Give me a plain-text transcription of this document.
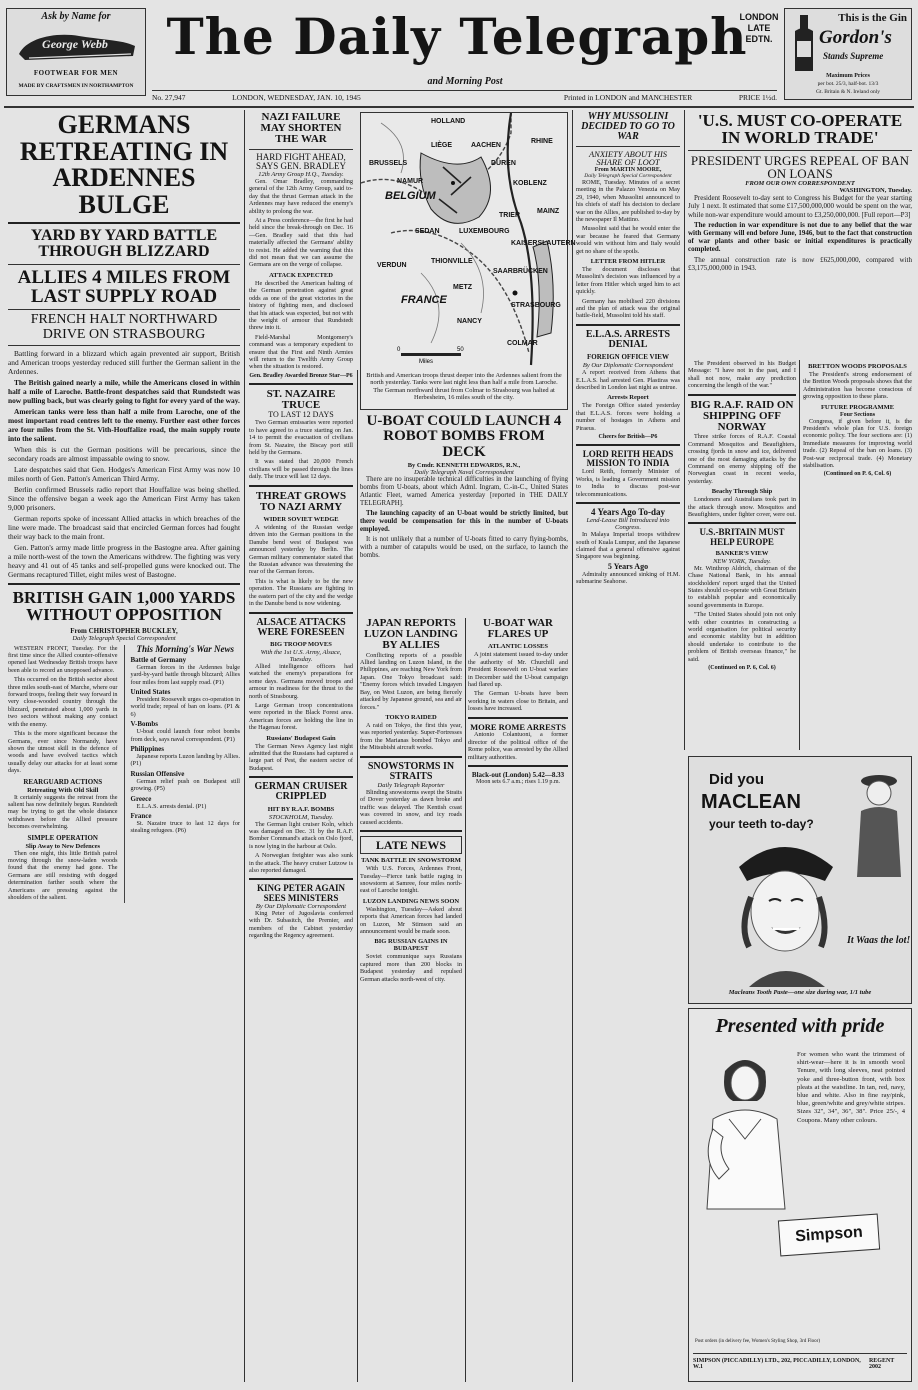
Ask by Name for
George Webb
FOOTWEAR FOR MEN
MADE BY CRAFTSMEN IN NORTHAMPTON
The Daily Telegraph
and Morning Post
LONDON
LATE
EDTN.
No. 27,947	LONDON, WEDNESDAY, JAN. 10, 1945	Printed in LONDON and MANCHESTER	PRICE 1½d.
This is the Gin
Gordon's
Stands Supreme
Maximum Prices
per bot. 25/3, half-bot. 13/3
Gt. Britain & N. Ireland only
GERMANS RETREATING IN ARDENNES BULGE
YARD BY YARD BATTLE THROUGH BLIZZARD
ALLIES 4 MILES FROM LAST SUPPLY ROAD
FRENCH HALT NORTHWARD DRIVE ON STRASBOURG

Battling forward in a blizzard which again prevented air support, British and American troops yesterday reduced still further the German salient in the Ardennes.

The British gained nearly a mile, while the Americans closed in within half a mile of Laroche. Battle-front despatches said that Rundstedt was now pulling back, but was clearly going to fight for every yard of the way.

American tanks were less than half a mile from Laroche, one of the most important road centres left to the enemy. Further east other forces are four miles from the St. Vith-Houffalize road, the main supply route into the salient.

When this is cut the German positions will be precarious, since the secondary roads are almost impassable owing to snow.

Late despatches said that Gen. Hodges's American First Army was now 10 miles north of Gen. Patton's American Third Army.

Berlin confirmed Brussels radio report that Houffalize was being shelled. Since the offensive began a week ago the American First Army has taken 9,000 prisoners.

German reports spoke of incessant Allied attacks in which breaches of the line were made. The broadcast said that encircled German forces had fought their way back to the main front.

Gen. Patton's army made little progress in the Bastogne area. After gaining a mile north-west of the town the Americans withdrew. The fighting was very heavy and 41 out of 45 tanks and self-propelled guns were knocked out. The Germans recaptured Tillet, eight miles west of Bastogne.

BRITISH GAIN 1,000 YARDS WITHOUT OPPOSITION
From CHRISTOPHER BUCKLEY,
Daily Telegraph Special Correspondent

WESTERN FRONT, Tuesday. For the first time since the Allied counter-offensive opened last Wednesday British troops have been able to record an unopposed advance.

This occurred on the British sector about three miles south-east of Marche, where our forward troops, feeling their way forward in very close-wooded country through the blizzard, penetrated about 1,000 yards in two sectors without making any contact with the enemy.

This is the more significant because the Germans, ever since Normandy, have shown the utmost skill in the defence of woods and have evolved tactics which usually delay our attacks for at least some days.

REARGUARD ACTIONS
Retreating With Old Skill

It certainly suggests the retreat from the salient has now definitely begun. Rundstedt may be trying to get the whole distance withdrawn before the Allied pressure becomes overwhelming.

SIMPLE OPERATION
Slip Away to New Defences

Then one night, this little British patrol moving through the snow-laden woods found that the enemy had gone. The Germans are still resisting with dogged determination farther south where the Americans are pressing against the shoulders of the salient.

This Morning's War News
Battle of Germany

German forces in the Ardennes bulge yard-by-yard battle through blizzard; Allies four miles from last supply road. (P1)

United States

President Roosevelt urges co-operation in world trade; repeal of ban on loans. (P1 & 6)

V-Bombs

U-boat could launch four robot bombs from deck, says naval correspondent. (P1)

Philippines

Japanese reports Luzon landing by Allies. (P1)

Russian Offensive

German relief push on Budapest still growing. (P5)

Greece

E.L.A.S. arrests denial. (P1)

France

St. Nazaire truce to last 12 days for stealing refugees. (P6)

NAZI FAILURE MAY SHORTEN THE WAR
HARD FIGHT AHEAD, SAYS GEN. BRADLEY
12th Army Group H.Q., Tuesday.

Gen. Omar Bradley, commanding general of the 12th Army Group, said to-day that the thrust German attack in the Ardennes may have reduced the enemy's ability to prolong the war.

At a Press conference—the first he had held since the break-through on Dec. 16—Gen. Bradley said that this had materially affected the Germans' ability to resist. He added the warning that this did not mean that we can assume the Germans are on the verge of collapse.

ATTACK EXPECTED

He described the American halting of the German penetration against great odds as one of the great victories in the history of fighting men, and disclosed that his attack was expected, but not with the weight of armour that Rundstedt threw into it.

Field-Marshal Montgomery's command was a temporary expedient to ensure that the First and Ninth Armies will return to the Twelfth Army Group when the situation is restored.

Gen. Bradley Awarded Bronze Star—P6
ST. NAZAIRE TRUCE
TO LAST 12 DAYS

Two German emissaries were reported to have agreed to a truce starting on Jan. 14 to permit the evacuation of civilians from St. Nazaire, the Biscay port still held by the Germans.

It was stated that 20,000 French civilians will be passed through the lines daily. The truce will last 12 days.

THREAT GROWS TO NAZI ARMY
WIDER SOVIET WEDGE

A widening of the Russian wedge driven into the German positions in the Danube bend west of Budapest was announced yesterday by Berlin. The German military commentator stated that the Russian advance was threatening the rear of the German forces.

This is what is likely to be the new operation. The Russians are fighting in the eastern part of the city and the wedge in the Danube bend is now widening.

ALSACE ATTACKS WERE FORESEEN
BIG TROOP MOVES
With the 1st U.S. Army, Alsace, Tuesday.

Allied intelligence officers had watched the enemy's preparations for some days. Germans moved troops and armour in readiness for the thrust to the north of Strasbourg.

Large German troop concentrations were reported in the Black Forest area. American forces are holding the line in the Hagenau forest.

Russians' Budapest Gain

The German News Agency last night admitted that the Russians had captured a large part of Pest, the eastern sector of Budapest.

GERMAN CRUISER CRIPPLED
HIT BY R.A.F. BOMBS
STOCKHOLM, Tuesday.

The German light cruiser Koln, which was damaged on Dec. 31 by the R.A.F. Bomber Command's attack on Oslo fjord, is now lying in the harbour at Oslo.

A Norwegian freighter was also sunk in the attack. The heavy cruiser Lutzow is also reported damaged.

KING PETER AGAIN SEES MINISTERS
By Our Diplomatic Correspondent

King Peter of Jugoslavia conferred with Dr. Subasitch, the Premier, and members of the Cabinet yesterday regarding the Regency agreement.

0
Miles
50
HOLLAND
AACHEN
DÜREN
BRUSSELS
LIÈGE
BELGIUM
KOBLENZ
LUXEMBOURG
TRIER
MAINZ
KAISERSLAUTERN
SAARBRÜCKEN
VERDUN
METZ
NANCY
STRASBOURG
FRANCE
COLMAR
THIONVILLE
NAMUR
SEDAN
RHINE
British and American troops thrust deeper into the Ardennes salient from the north yesterday. Tanks were last night less than half a mile from Laroche. The German northward thrust from Colmar to Strasbourg was halted at Herbesheim, 16 miles south of the city.
U-BOAT COULD LAUNCH 4 ROBOT BOMBS FROM DECK
By Cmdr. KENNETH EDWARDS, R.N.,
Daily Telegraph Naval Correspondent

There are no insuperable technical difficulties in the launching of flying bombs from U-boats, about which Adml. Ingram, C.-in-C., United States Atlantic Fleet, warned America yesterday [reported in THE DAILY TELEGRAPH].

The launching capacity of an U-boat would be strictly limited, but there would be compensation for this in the number of U-boats employed.

It is not unlikely that a number of U-boats fitted to carry flying-bombs, with a number of catapults would be used, on the surface, to launch the bombs.

JAPAN REPORTS LUZON LANDING BY ALLIES

Conflicting reports of a possible Allied landing on Luzon Island, in the Philippines, are reaching New York from Japan. One Tokyo broadcast said: "Enemy forces which invaded Lingayen Bay, on West Luzon, are being fiercely attacked by Japanese ground, sea and air forces."

TOKYO RAIDED

A raid on Tokyo, the first this year, was reported yesterday. Super-Fortresses from the Marianas bombed Tokyo and the Mitsubishi aircraft works.

SNOWSTORMS IN STRAITS
Daily Telegraph Reporter

Blinding snowstorms swept the Straits of Dover yesterday as dawn broke and traffic was delayed. The Kentish coast was covered in snow, and icy roads caused accidents.

LATE NEWS
TANK BATTLE IN SNOWSTORM

With U.S. Forces, Ardennes Front, Tuesday—Fierce tank battle raging in snowstorm at Samree, four miles north-east of Laroche tonight.

LUZON LANDING NEWS SOON

Washington, Tuesday—Asked about reports that American forces had landed on Luzon, Mr Stimson said an announcement would be made soon.

BIG RUSSIAN GAINS IN BUDAPEST

Soviet communique says Russians captured more than 200 blocks in Budapest yesterday and repulsed German attacks north-west of city.

U-BOAT WAR FLARES UP
ATLANTIC LOSSES

A joint statement issued to-day under the authority of Mr. Churchill and President Roosevelt on U-boat warfare in December said the U-boat campaign had flared up.

The German U-boats have been working in waters close to Britain, and losses have increased.

MORE ROME ARRESTS

Antonio Colantuoni, a former director of the political office of the Rome police, was arrested by the Allied military authorities.

Black-out (London) 5.42—8.33
Moon sets 6.7 a.m.; rises 1.19 p.m.
WHY MUSSOLINI DECIDED TO GO TO WAR
ANXIETY ABOUT HIS SHARE OF LOOT
From MARTIN MOORE,
Daily Telegraph Special Correspondent

ROME, Tuesday. Minutes of a secret meeting in the Palazzo Venezia on May 29, 1940, when Mussolini announced to his chiefs of staff his decision to declare war on the Allies, are published to-day by the newspaper Il Mattino.

Mussolini said that he would enter the war because he feared that Germany would win without him and Italy would get no share of the spoils.

LETTER FROM HITLER

The document discloses that Mussolini's decision was influenced by a letter from Hitler which urged him to act quickly.

Germany has mobilised 220 divisions and the plan of attack was the original battle-field, Mussolini told his staff.

E.L.A.S. ARRESTS DENIAL
FOREIGN OFFICE VIEW
By Our Diplomatic Correspondent

A report received from Athens that E.L.A.S. had arrested Gen. Plastiras was described in London last night as untrue.

Arrests Report

The Foreign Office stated yesterday that E.L.A.S. forces were holding a number of hostages in Athens and Piraeus.

Cheers for British—P6
LORD REITH HEADS MISSION TO INDIA

Lord Reith, formerly Minister of Works, is leading a Government mission to India to discuss post-war telecommunications.

4 Years Ago To-day
Lend-Lease Bill Introduced into Congress.

In Malaya Imperial troops withdrew south of Kuala Lumpur, and the Japanese claimed that a general offensive against Singapore was beginning.

5 Years Ago

Admiralty announced sinking of H.M. submarine Seahorse.

'U.S. MUST CO-OPERATE IN WORLD TRADE'
PRESIDENT URGES REPEAL OF BAN ON LOANS
FROM OUR OWN CORRESPONDENT
WASHINGTON, Tuesday.

President Roosevelt to-day sent to Congress his Budget for the year starting July 1 next. It estimated that some £17,500,000,000 would be spent on the war, while non-war expenditure would amount to £3,250,000,000. [Full report—P3]

The reduction in war expenditure is not due to any belief that the war with Germany will end before June, 1946, but to the fact that construction of war plants and other basic or initial expenditures is practically completed.

The annual construction rate is now £625,000,000, compared with £3,175,000,000 in 1943.

The President observed in his Budget Message: "I have not in the past, and I shall not now, make any prediction concerning the length of the war."

BIG R.A.F. RAID ON SHIPPING OFF NORWAY

Three strike forces of R.A.F. Coastal Command Mosquitos and Beaufighters, crossing fjords in snow and ice, delivered one of the most damaging attacks by the Command on enemy shipping off the Norwegian coast in recent weeks, yesterday.

Beachy Through Ship

Londoners and Australians took part in the attack through snow. Mosquitos and Beaufighters, under fighter cover, were out.

U.S.-BRITAIN MUST HELP EUROPE
BANKER'S VIEW
NEW YORK, Tuesday.

Mr. Winthrop Aldrich, chairman of the Chase National Bank, in his annual stockholders' report urged that the United States should co-operate with Great Britain to establish popular and economically sound governments in Europe.

"The United States should join not only with other countries in constructing a world organisation for political security and economic stability but in addition should undertake to contribute to the problem of British overseas finance," he said.

(Continued on P. 6, Col. 6)
BRETTON WOODS PROPOSALS

The President's strong endorsement of the Bretton Woods proposals shows that the Administration has become conscious of growing opposition to these plans.

FUTURE PROGRAMME
Four Sections

Congress, if given before it, is the President's whole plan for U.S. foreign economic policy. The four sections are: (1) Immediate measures for improving world trade. (2) Repeal of the ban on loans. (3) Post-war reciprocal trade. (4) Monetary stabilisation.

(Continued on P. 6, Col. 6)
Did you
MACLEAN
your teeth to-day?
It Waas the lot!
Macleans Tooth Paste—one size during war, 1/1 tube
Presented with pride
For women who want the trimmest of shirt-wear—here it is in smooth wool Tenure, with long sleeves, neat pointed yoke and three-button front, with box pleats at the waistline. In tan, red, navy, blue and white. Also in fine ray/pink, blue, green/white and grey/white stripes. Sizes 32", 34", 36", 38". Price 25/-, 4 Coupons. Many other colours.
Simpson
Post orders (in delivery fee, Women's Styling Shop, 3rd Floor)
SIMPSON (PICCADILLY) LTD., 202, PICCADILLY, LONDON, W.1
REGENT 2002
